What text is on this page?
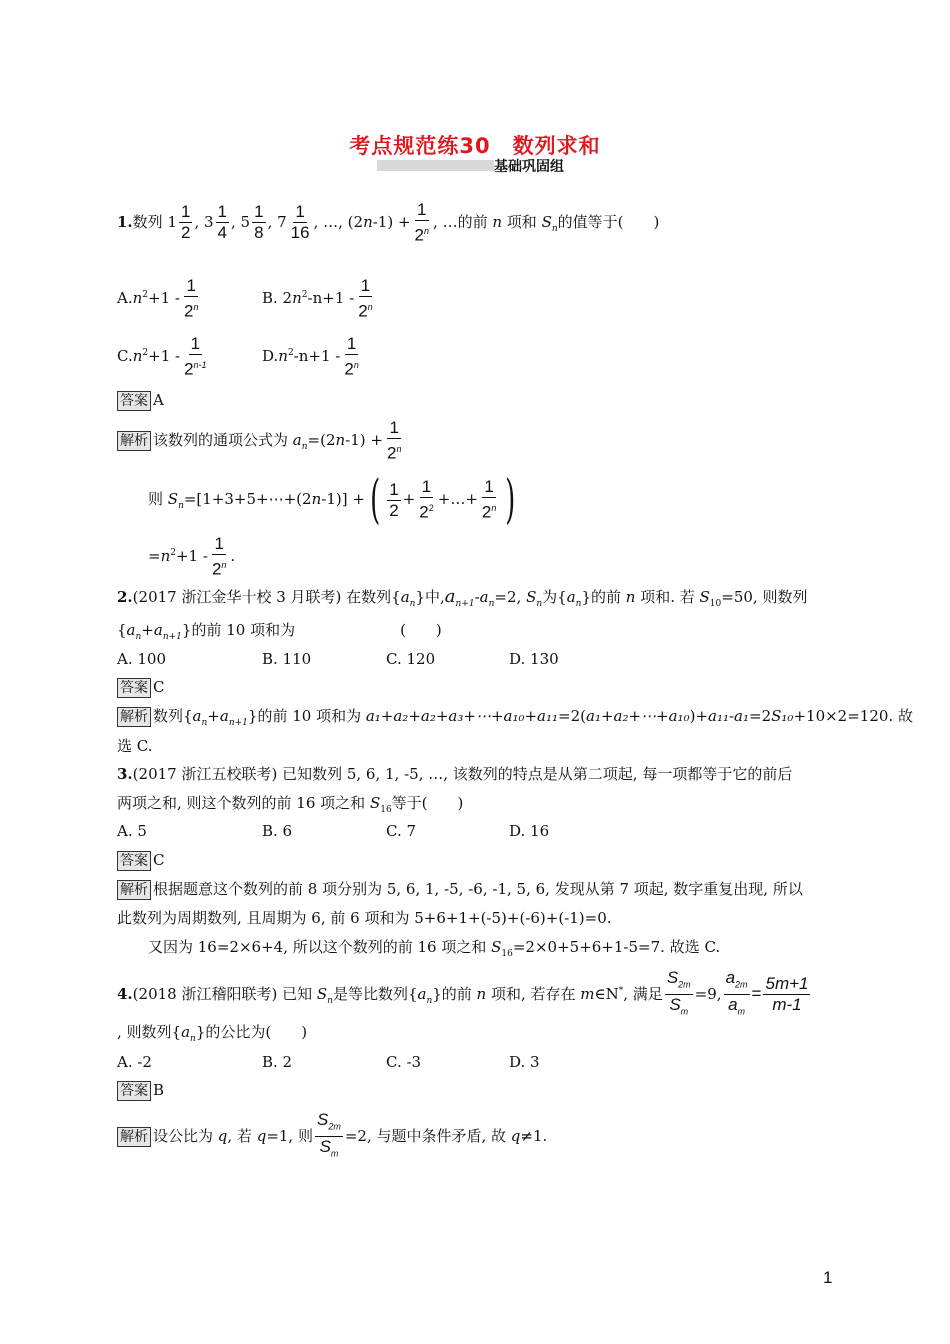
考点规范练30　数列求和
基础巩固组
1.数列 $1 \frac{1}{2}$ , $3 \frac{1}{4}$ , $5 \frac{1}{8}$ , $7 \frac{1}{16}$ , …, $(2n-1) + \frac{1}{2^n}$ , …的前 n 项和 $S_n$的值等于(　　)
$A.n^2+1 - \frac{1}{2^n}$	B. $2n^2-n+1 - \frac{1}{2^n}$
$C.n^2+1 - \frac{1}{2^{n-1}}$	$D.n^2-n+1 - \frac{1}{2^n}$
答案 A
解析 该数列的通项公式为 $a_n=(2n-1) + \frac{1}{2^n}$
则 $S_n=[1+3+5+\cdots+(2n-1)]$ +( $\frac{1}{2} + \frac{1}{2^2}$ +…+ $\frac{1}{2^n}$ )
$=n^2+1 - \frac{1}{2^n}$ .
2.(2017 浙江金华十校 3 月联考) 在数列$\{a_n\}$中$,a_{n+1}-a_n=2$, $S_n$为$\{a_n\}$的前 n 项和. 若 $S_{10}=50$, 则数列
$\{a_n+a_{n+1}\}$的前 10 项和为　　　　　　　(　　)
A. 100	B. 110	C. 120	D. 130
答案 C
解析 数列$\{a_n+a_{n+1}\}$的前 10 项和为 a₁+a₂+a₂+a₃+⋯+a₁₀+a₁₁=2(a₁+a₂+⋯+a₁₀)+a₁₁-a₁=2S₁₀+10×2=120. 故
选 C.
3.(2017 浙江五校联考) 已知数列 5, 6, 1, -5, …, 该数列的特点是从第二项起, 每一项都等于它的前后
两项之和, 则这个数列的前 16 项之和 $S_{16}$等于(　　)
A. 5	B. 6	C. 7	D. 16
答案 C
解析 根据题意这个数列的前 8 项分别为 5, 6, 1, -5, -6, -1, 5, 6, 发现从第 7 项起, 数字重复出现, 所以
此数列为周期数列, 且周期为 6, 前 6 项和为 5+6+1+(-5)+(-6)+(-1)=0.
又因为 16=2×6+4, 所以这个数列的前 16 项之和 $S_{16}=2\times 0+5+6+1-5=7$. 故选 C.
4.(2018 浙江稽阳联考) 已知 $S_n$是等比数列$\{a_n\}$的前 n 项和, 若存在 m∈N*, 满足 $\frac{S_{2m}}{S_m} =9$, $\frac{a_{2m}}{a_m} = \frac{5m+1}{m-1}$
, 则数列$\{a_n\}$的公比为(　　)
A. -2	B. 2	C. -3	D. 3
答案 B
解析 设公比为 q, 若 q=1, 则 $\frac{S_{2m}}{S_m} =2$, 与题中条件矛盾, 故 q≠1.
1
